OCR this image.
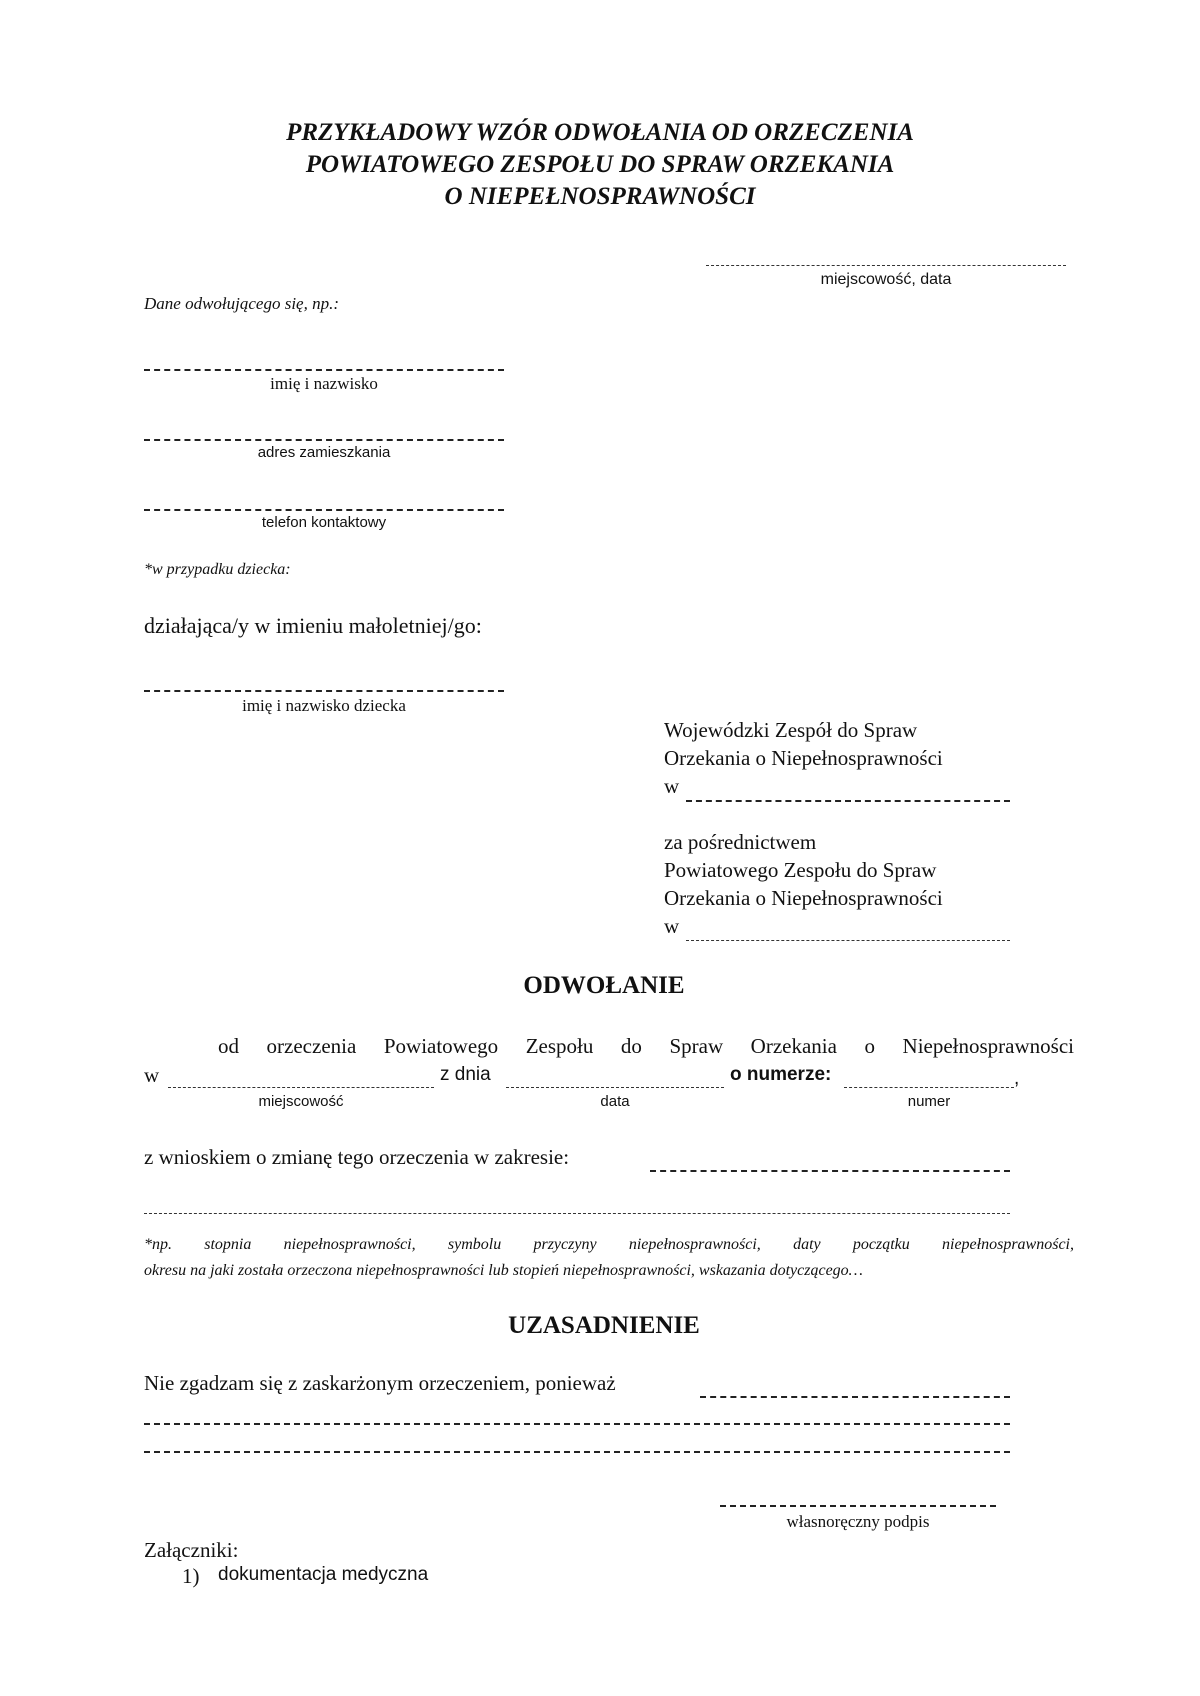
PRZYKŁADOWY WZÓR ODWOŁANIA OD ORZECZENIA
POWIATOWEGO ZESPOŁU DO SPRAW ORZEKANIA
O NIEPEŁNOSPRAWNOŚCI
miejscowość, data
Dane odwołującego się, np.:
imię i nazwisko
adres zamieszkania
telefon kontaktowy
*w przypadku dziecka:
działająca/y w imieniu małoletniej/go:
imię i nazwisko dziecka
Wojewódzki Zespół do Spraw
Orzekania o Niepełnosprawności
w
za pośrednictwem
Powiatowego Zespołu do Spraw
Orzekania o Niepełnosprawności
w
ODWOŁANIE
od orzeczenia Powiatowego Zespołu do Spraw Orzekania o Niepełnosprawności
w	z dnia	o numerze:	,
miejscowość	data	numer
z wnioskiem o zmianę tego orzeczenia w zakresie:
*np. stopnia niepełnosprawności, symbolu przyczyny niepełnosprawności, daty początku niepełnosprawności,
okresu na jaki została orzeczona niepełnosprawności lub stopień niepełnosprawności, wskazania dotyczącego…
UZASADNIENIE
Nie zgadzam się z zaskarżonym orzeczeniem, ponieważ
własnoręczny podpis
Załączniki:
1) dokumentacja medyczna
